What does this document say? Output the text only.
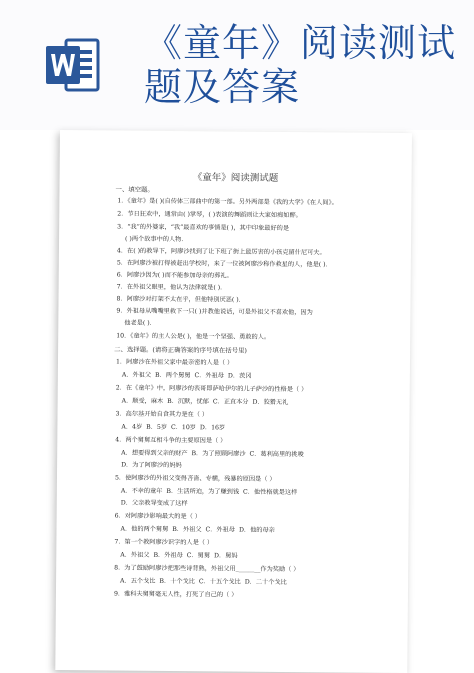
《童年》阅读测试
题及答案
《童年》阅读测试题
一、填空题。
1．《童年》是( )(自传体三部曲中的第一部。另外两部是《我的大学》《在人间》。
2．节日狂欢中，通常由( )掌琴，( )表演的舞蹈则让大家如痴如醉。
3．“我”的外婆家，“我”最喜欢的事情是( )，其中印象最好的是
( )两个故事中的人物．
4．在( )的教导下，阿廖沙找到了让下班了街上最厉害的小孩克留什尼可夫。
5．在阿廖沙被打得被赶出学校时，来了一位被阿廖沙称作救星的人，他是( )．
6．阿廖沙因为( )而不能参加母亲的葬礼。
7．在外祖父眼里，他认为法律就是( )．
8．阿廖沙对打架不太在乎，但他特别厌恶( )．
9．外祖母从嘴嘴里救下一只( )并教他说话，可是外祖父不喜欢他，因为
他老是( )．
10．《童年》的主人公是( )，他是一个坚强、勇敢的人。
二、选择题。(请将正确答案的序号填在括号里)
1．阿廖沙在外祖父家中最亲密的人是（ ）
A．外祖父 B．两个舅舅 C．外祖母 D．茨冈
2．在《童年》中，阿廖沙的表哥即萨哈伊尔的儿子萨沙的性格是（ ）
A．顺受，麻木 B．沉默，忧郁 C．正直本分 D．狡猾无礼
3．高尔基开始自食其力是在（ ）
A．4岁 B．5岁 C．10岁 D．16岁
4．两个舅舅互相斗争的主要原因是（ ）
A．想要得到父亲的财产 B．为了照顾阿廖沙 C．葛利高里的挑唆
D．为了阿廖沙的妈妈
5．使阿廖沙的外祖父变得吝啬、专横，残暴的原因是（ ）
A．不幸的童年 B．生活所迫，为了赚到钱 C．他性格就是这样
D．父亲教导变成了这样
6．对阿廖沙影响最大的是（ ）
A．他的两个舅舅 B．外祖父 C．外祖母 D．他的母亲
7．第一个教阿廖沙识字的人是（ ）
A．外祖父 B．外祖母 C．舅舅 D．舅妈
8．为了鼓励阿廖沙把那些诗背熟，外祖父用________作为奖励（ ）
A．五个戈比 B．十个戈比 C．十五个戈比 D．二十个戈比
9．雅科夫舅舅毫无人性，打死了自己的（ ）
